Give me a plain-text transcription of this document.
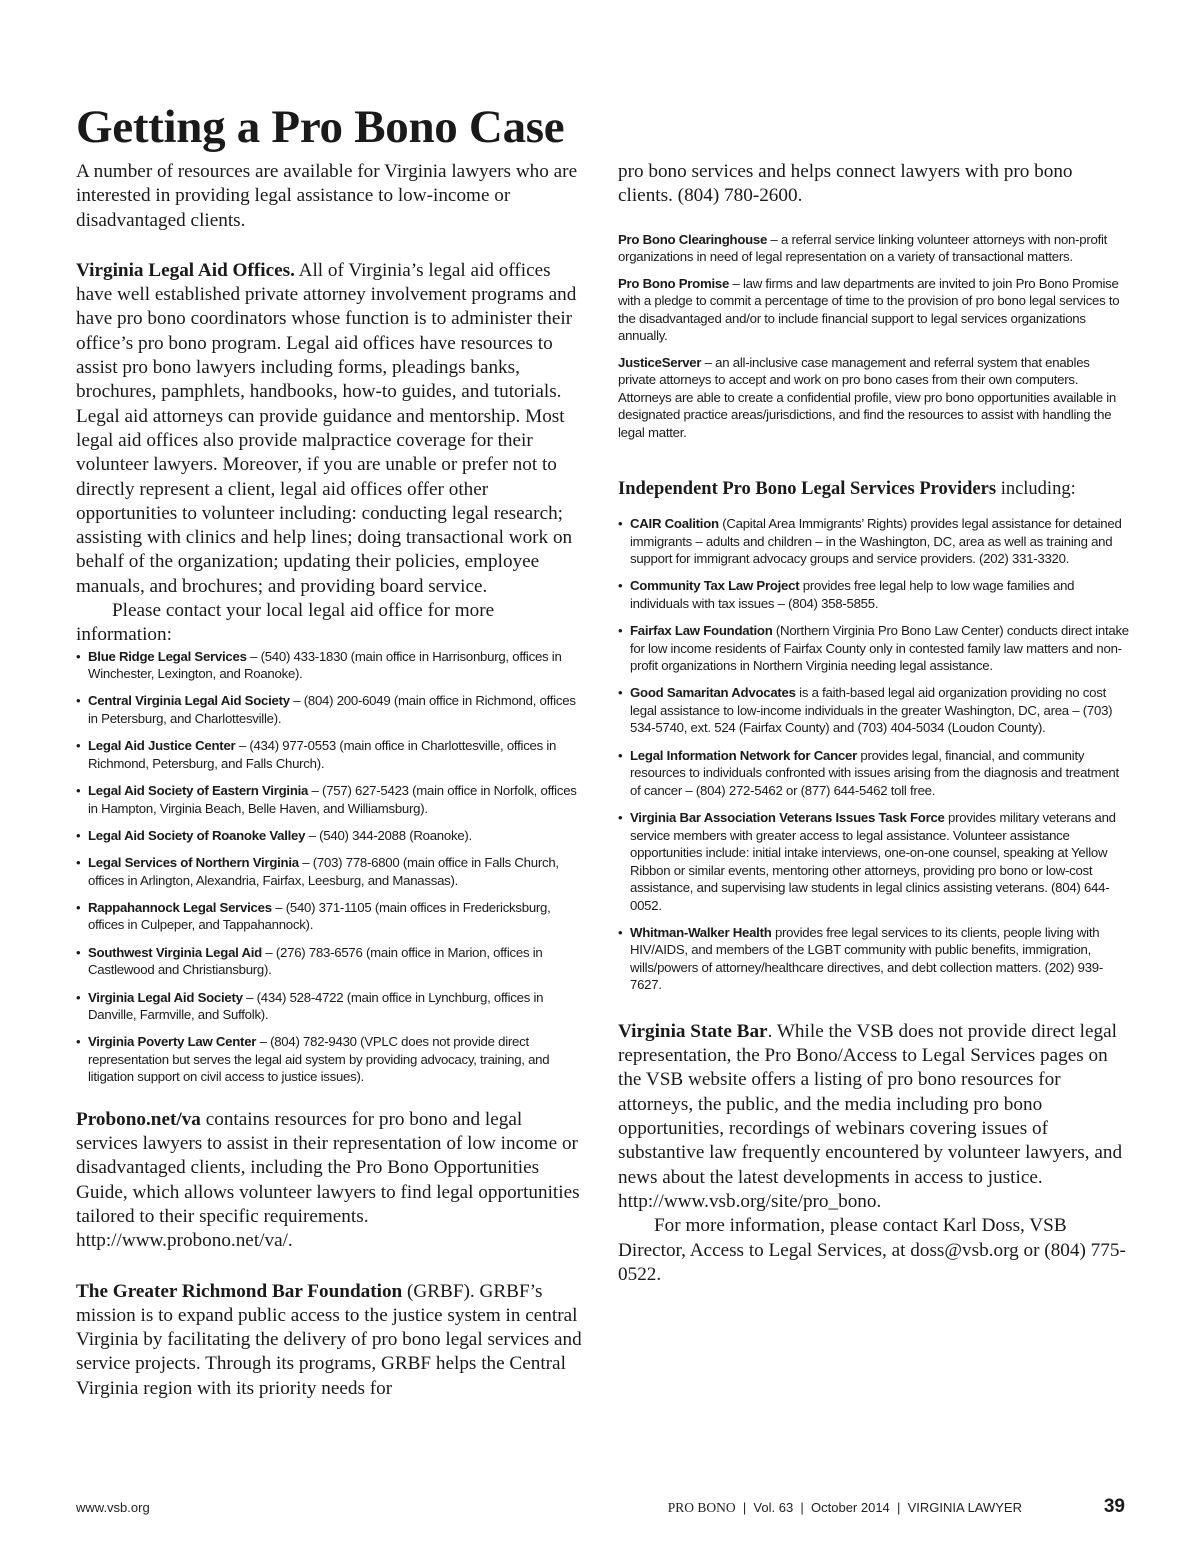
Getting a Pro Bono Case

A number of resources are available for Virginia lawyers who are interested in providing legal assistance to low-income or disadvantaged clients.

Virginia Legal Aid Offices. All of Virginia’s legal aid offices have well established private attorney involvement programs and have pro bono coordinators whose function is to administer their office’s pro bono program. Legal aid offices have resources to assist pro bono lawyers including forms, pleadings banks, brochures, pamphlets, handbooks, how-to guides, and tutorials. Legal aid attorneys can provide guidance and mentorship. Most legal aid offices also provide malpractice coverage for their volunteer lawyers. Moreover, if you are unable or prefer not to directly represent a client, legal aid offices offer other opportunities to volunteer including: conducting legal research; assisting with clinics and help lines; doing transactional work on behalf of the organization; updating their policies, employee manuals, and brochures; and providing board service.

Please contact your local legal aid office for more information:

• Blue Ridge Legal Services – (540) 433-1830 (main office in Harrisonburg, offices in Winchester, Lexington, and Roanoke).
• Central Virginia Legal Aid Society – (804) 200-6049 (main office in Richmond, offices in Petersburg, and Charlottesville).
• Legal Aid Justice Center – (434) 977-0553 (main office in Charlottesville, offices in Richmond, Petersburg, and Falls Church).
• Legal Aid Society of Eastern Virginia – (757) 627-5423 (main office in Norfolk, offices in Hampton, Virginia Beach, Belle Haven, and Williamsburg).
• Legal Aid Society of Roanoke Valley – (540) 344-2088 (Roanoke).
• Legal Services of Northern Virginia – (703) 778-6800 (main office in Falls Church, offices in Arlington, Alexandria, Fairfax, Leesburg, and Manassas).
• Rappahannock Legal Services – (540) 371-1105 (main offices in Fredericksburg, offices in Culpeper, and Tappahannock).
• Southwest Virginia Legal Aid – (276) 783-6576 (main office in Marion, offices in Castlewood and Christiansburg).
• Virginia Legal Aid Society – (434) 528-4722 (main office in Lynchburg, offices in Danville, Farmville, and Suffolk).
• Virginia Poverty Law Center – (804) 782-9430 (VPLC does not provide direct representation but serves the legal aid system by providing advocacy, training, and litigation support on civil access to justice issues).

Probono.net/va contains resources for pro bono and legal services lawyers to assist in their representation of low income or disadvantaged clients, including the Pro Bono Opportunities Guide, which allows volunteer lawyers to find legal opportunities tailored to their specific requirements. http://www.probono.net/va/.

The Greater Richmond Bar Foundation (GRBF). GRBF’s mission is to expand public access to the justice system in central Virginia by facilitating the delivery of pro bono legal services and service projects. Through its programs, GRBF helps the Central Virginia region with its priority needs for

pro bono services and helps connect lawyers with pro bono clients. (804) 780-2600.

Pro Bono Clearinghouse – a referral service linking volunteer attorneys with non-profit organizations in need of legal representation on a variety of transactional matters.

Pro Bono Promise – law firms and law departments are invited to join Pro Bono Promise with a pledge to commit a percentage of time to the provision of pro bono legal services to the disadvantaged and/or to include financial support to legal services organizations annually.

JusticeServer – an all-inclusive case management and referral system that enables private attorneys to accept and work on pro bono cases from their own computers. Attorneys are able to create a confidential profile, view pro bono opportunities available in designated practice areas/jurisdictions, and find the resources to assist with handling the legal matter.

Independent Pro Bono Legal Services Providers including:

• CAIR Coalition (Capital Area Immigrants’ Rights) provides legal assistance for detained immigrants – adults and children – in the Washington, DC, area as well as training and support for immigrant advocacy groups and service providers. (202) 331-3320.
• Community Tax Law Project provides free legal help to low wage families and individuals with tax issues – (804) 358-5855.
• Fairfax Law Foundation (Northern Virginia Pro Bono Law Center) conducts direct intake for low income residents of Fairfax County only in contested family law matters and non-profit organizations in Northern Virginia needing legal assistance.
• Good Samaritan Advocates is a faith-based legal aid organization providing no cost legal assistance to low-income individuals in the greater Washington, DC, area – (703) 534-5740, ext. 524 (Fairfax County) and (703) 404-5034 (Loudon County).
• Legal Information Network for Cancer provides legal, financial, and community resources to individuals confronted with issues arising from the diagnosis and treatment of cancer – (804) 272-5462 or (877) 644-5462 toll free.
• Virginia Bar Association Veterans Issues Task Force provides military veterans and service members with greater access to legal assistance. Volunteer assistance opportunities include: initial intake interviews, one-on-one counsel, speaking at Yellow Ribbon or similar events, mentoring other attorneys, providing pro bono or low-cost assistance, and supervising law students in legal clinics assisting veterans. (804) 644-0052.
• Whitman-Walker Health provides free legal services to its clients, people living with HIV/AIDS, and members of the LGBT community with public benefits, immigration, wills/powers of attorney/healthcare directives, and debt collection matters. (202) 939-7627.

Virginia State Bar. While the VSB does not provide direct legal representation, the Pro Bono/Access to Legal Services pages on the VSB website offers a listing of pro bono resources for attorneys, the public, and the media including pro bono opportunities, recordings of webinars covering issues of substantive law frequently encountered by volunteer lawyers, and news about the latest developments in access to justice. http://www.vsb.org/site/pro_bono.

For more information, please contact Karl Doss, VSB Director, Access to Legal Services, at doss@vsb.org or (804) 775-0522.

www.vsb.org	PRO BONO  |  Vol. 63  |  October 2014  |  VIRGINIA LAWYER	39
